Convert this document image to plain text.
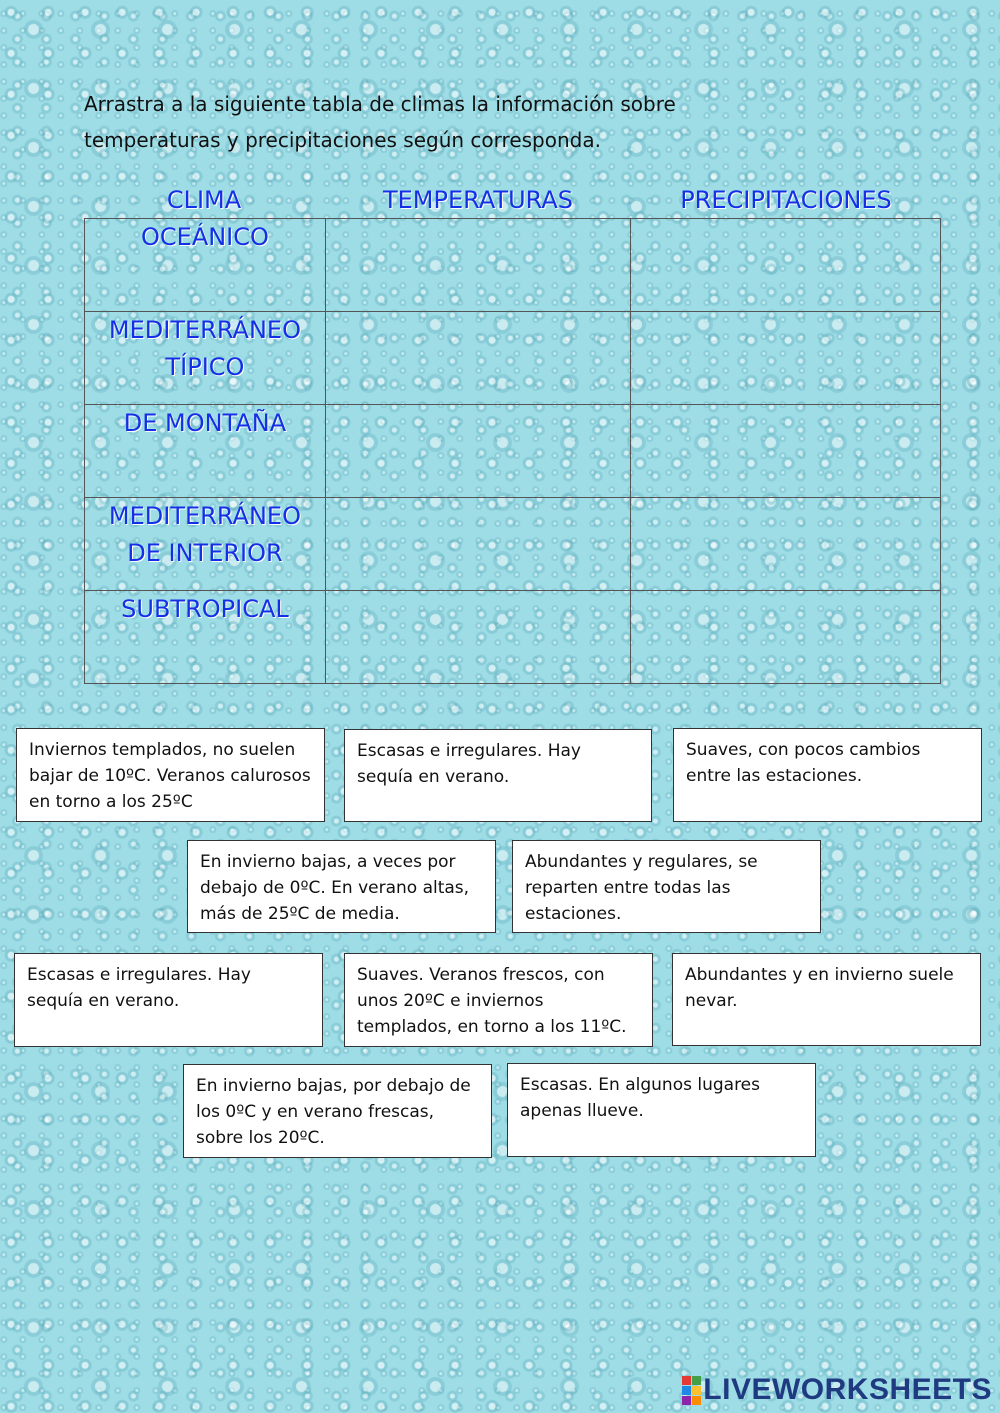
Arrastra a la siguiente tabla de climas la información sobre
temperaturas y precipitaciones según corresponda.
CLIMA	TEMPERATURAS	PRECIPITACIONES
OCEÁNICO		

MEDITERRÁNEO
TÍPICO		

DE MONTAÑA		

MEDITERRÁNEO
DE INTERIOR		

SUBTROPICAL		

Inviernos templados, no suelen bajar de 10ºC. Veranos calurosos en torno a los 25ºC
Escasas e irregulares. Hay sequía en verano.
Suaves, con pocos cambios entre las estaciones.
En invierno bajas, a veces por debajo de 0ºC. En verano altas, más de 25ºC de media.
Abundantes y regulares, se reparten entre todas las estaciones.
Escasas e irregulares. Hay sequía en verano.
Suaves. Veranos frescos, con unos 20ºC e inviernos templados, en torno a los 11ºC.
Abundantes y en invierno suele nevar.
En invierno bajas, por debajo de los 0ºC y en verano frescas, sobre los 20ºC.
Escasas. En algunos lugares apenas llueve.
LIVEWORKSHEETS
